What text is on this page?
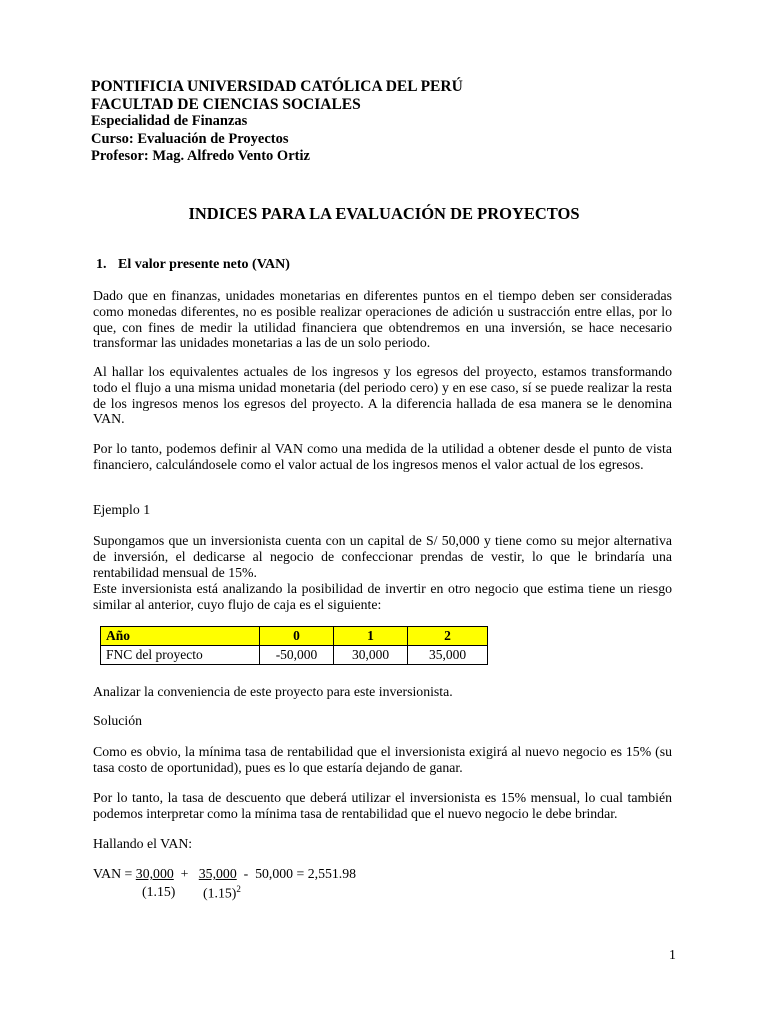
PONTIFICIA UNIVERSIDAD CATÓLICA DEL PERÚ
FACULTAD DE CIENCIAS SOCIALES
Especialidad de Finanzas
Curso: Evaluación de Proyectos
Profesor: Mag. Alfredo Vento Ortiz
INDICES PARA LA EVALUACIÓN DE PROYECTOS
1. El valor presente neto (VAN)
Dado que en finanzas, unidades monetarias en diferentes puntos en el tiempo deben ser consideradas como monedas diferentes, no es posible realizar operaciones de adición u sustracción entre ellas, por lo que, con fines de medir la utilidad financiera que obtendremos en una inversión, se hace necesario transformar las unidades monetarias a las de un solo periodo.
Al hallar los equivalentes actuales de los ingresos y los egresos del proyecto, estamos transformando todo el flujo a una misma unidad monetaria (del periodo cero) y en ese caso, sí se puede realizar la resta de los ingresos menos los egresos del proyecto. A la diferencia hallada de esa manera se le denomina VAN.
Por lo tanto, podemos definir al VAN como una medida de la utilidad a obtener desde el punto de vista financiero, calculándosele como el valor actual de los ingresos menos el valor actual de los egresos.
Ejemplo 1
Supongamos que un inversionista cuenta con un capital de S/ 50,000 y tiene como su mejor alternativa de inversión, el dedicarse al negocio de confeccionar prendas de vestir, lo que le brindaría una rentabilidad mensual de 15%.
Este inversionista está analizando la posibilidad de invertir en otro negocio que estima tiene un riesgo similar al anterior, cuyo flujo de caja es el siguiente:
Año	0	1	2
FNC del proyecto	-50,000	30,000	35,000
Analizar la conveniencia de este proyecto para este inversionista.
Solución
Como es obvio, la mínima tasa de rentabilidad que el inversionista exigirá al nuevo negocio es 15% (su tasa costo de oportunidad), pues es lo que estaría dejando de ganar.
Por lo tanto, la tasa de descuento que deberá utilizar el inversionista es 15% mensual, lo cual también podemos interpretar como la mínima tasa de rentabilidad que el nuevo negocio le debe brindar.
Hallando el VAN:
VAN = 30,000  +   35,000  -  50,000 = 2,551.98
(1.15) $(1.15)^2$
1
